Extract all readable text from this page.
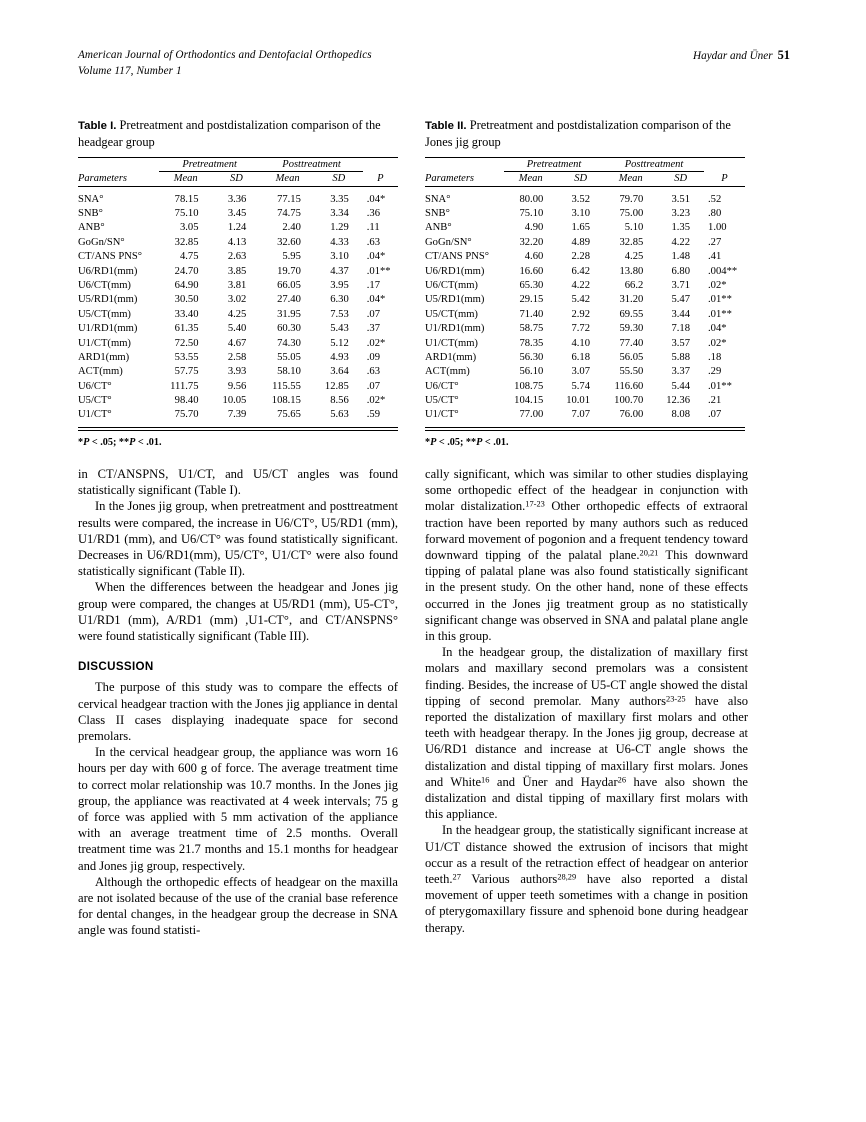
American Journal of Orthodontics and Dentofacial Orthopedics
Volume 117, Number 1
Haydar and Üner 51
Table I. Pretreatment and postdistalization comparison of the headgear group
	Pretreatment		Posttreatment		
Parameters	Mean	SD	Mean	SD	P

SNA°	78.15	3.36	77.15	3.35	.04*
SNB°	75.10	3.45	74.75	3.34	.36
ANB°	3.05	1.24	2.40	1.29	.11
GoGn/SN°	32.85	4.13	32.60	4.33	.63
CT/ANS PNS°	4.75	2.63	5.95	3.10	.04*
U6/RD1(mm)	24.70	3.85	19.70	4.37	.01**
U6/CT(mm)	64.90	3.81	66.05	3.95	.17
U5/RD1(mm)	30.50	3.02	27.40	6.30	.04*
U5/CT(mm)	33.40	4.25	31.95	7.53	.07
U1/RD1(mm)	61.35	5.40	60.30	5.43	.37
U1/CT(mm)	72.50	4.67	74.30	5.12	.02*
ARD1(mm)	53.55	2.58	55.05	4.93	.09
ACT(mm)	57.75	3.93	58.10	3.64	.63
U6/CT°	111.75	9.56	115.55	12.85	.07
U5/CT°	98.40	10.05	108.15	8.56	.02*
U1/CT°	75.70	7.39	75.65	5.63	.59
*P < .05; **P < .01.
Table II. Pretreatment and postdistalization comparison of the Jones jig group
	Pretreatment		Posttreatment		
Parameters	Mean	SD	Mean	SD	P

SNA°	80.00	3.52	79.70	3.51	.52
SNB°	75.10	3.10	75.00	3.23	.80
ANB°	4.90	1.65	5.10	1.35	1.00
GoGn/SN°	32.20	4.89	32.85	4.22	.27
CT/ANS PNS°	4.60	2.28	4.25	1.48	.41
U6/RD1(mm)	16.60	6.42	13.80	6.80	.004**
U6/CT(mm)	65.30	4.22	66.2	3.71	.02*
U5/RD1(mm)	29.15	5.42	31.20	5.47	.01**
U5/CT(mm)	71.40	2.92	69.55	3.44	.01**
U1/RD1(mm)	58.75	7.72	59.30	7.18	.04*
U1/CT(mm)	78.35	4.10	77.40	3.57	.02*
ARD1(mm)	56.30	6.18	56.05	5.88	.18
ACT(mm)	56.10	3.07	55.50	3.37	.29
U6/CT°	108.75	5.74	116.60	5.44	.01**
U5/CT°	104.15	10.01	100.70	12.36	.21
U1/CT°	77.00	7.07	76.00	8.08	.07
*P < .05; **P < .01.

in CT/ANSPNS, U1/CT, and U5/CT angles was found statistically significant (Table I).

In the Jones jig group, when pretreatment and posttreatment results were compared, the increase in U6/CT°, U5/RD1 (mm), U1/RD1 (mm), and U6/CT° was found statistically significant. Decreases in U6/RD1(mm), U5/CT°, U1/CT° were also found statistically significant (Table II).

When the differences between the headgear and Jones jig group were compared, the changes at U5/RD1 (mm), U5-CT°, U1/RD1 (mm), A/RD1 (mm) ,U1-CT°, and CT/ANSPNS° were found statistically significant (Table III).

DISCUSSION

The purpose of this study was to compare the effects of cervical headgear traction with the Jones jig appliance in dental Class II cases displaying inadequate space for second premolars.

In the cervical headgear group, the appliance was worn 16 hours per day with 600 g of force. The average treatment time to correct molar relationship was 10.7 months. In the Jones jig group, the appliance was reactivated at 4 week intervals; 75 g of force was applied with 5 mm activation of the appliance with an average treatment time of 2.5 months. Overall treatment time was 21.7 months and 15.1 months for headgear and Jones jig group, respectively.

Although the orthopedic effects of headgear on the maxilla are not isolated because of the use of the cranial base reference for dental changes, in the headgear group the decrease in SNA angle was found statisti-

cally significant, which was similar to other studies displaying some orthopedic effect of the headgear in conjunction with molar distalization.$^{17-23}$ Other orthopedic effects of extraoral traction have been reported by many authors such as reduced forward movement of pogonion and a frequent tendency toward downward tipping of the palatal plane.$^{20,21}$ This downward tipping of palatal plane was also found statistically significant in the present study. On the other hand, none of these effects occurred in the Jones jig treatment group as no statistically significant change was observed in SNA and palatal plane angle in this group.

In the headgear group, the distalization of maxillary first molars and maxillary second premolars was a consistent finding. Besides, the increase of U5-CT angle showed the distal tipping of second premolar. Many authors$^{23-25}$ have also reported the distalization of maxillary first molars and other teeth with headgear therapy. In the Jones jig group, decrease at U6/RD1 distance and increase at U6-CT angle shows the distalization and distal tipping of maxillary first molars. Jones and White$^{16}$ and Üner and Haydar$^{26}$ have also shown the distalization and distal tipping of maxillary first molars with this appliance.

In the headgear group, the statistically significant increase at U1/CT distance showed the extrusion of incisors that might occur as a result of the retraction effect of headgear on anterior teeth.$^{27}$ Various authors$^{28,29}$ have also reported a distal movement of upper teeth sometimes with a change in position of pterygomaxillary fissure and sphenoid bone during headgear therapy.
